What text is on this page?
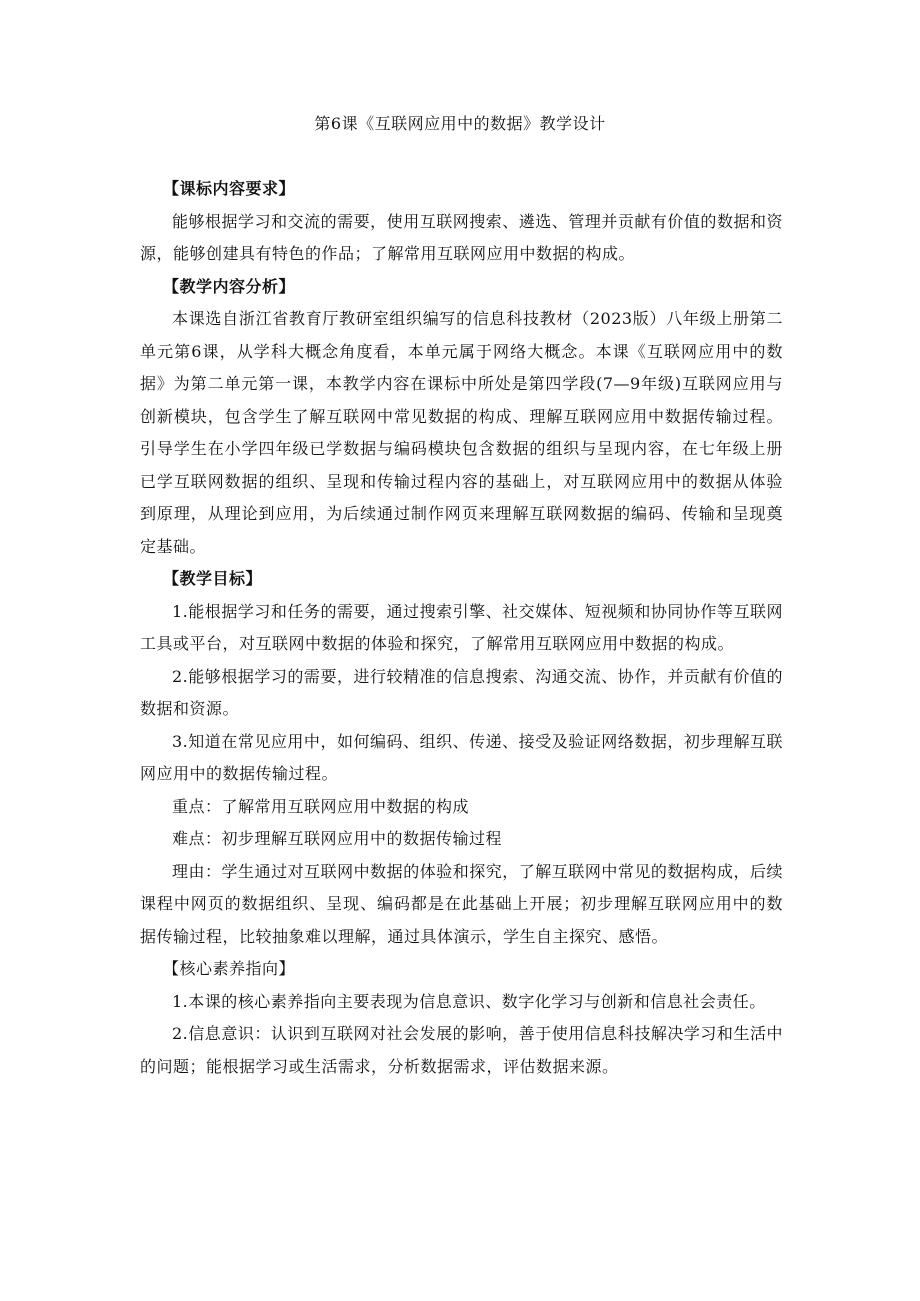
第6课《互联网应用中的数据》教学设计
【课标内容要求】

能够根据学习和交流的需要，使用互联网搜索、遴选、管理并贡献有价值的数据和资源，能够创建具有特色的作品；了解常用互联网应用中数据的构成。

【教学内容分析】

本课选自浙江省教育厅教研室组织编写的信息科技教材（2023版）八年级上册第二单元第6课，从学科大概念角度看，本单元属于网络大概念。本课《互联网应用中的数据》为第二单元第一课，本教学内容在课标中所处是第四学段(7—9年级)互联网应用与创新模块，包含学生了解互联网中常见数据的构成、理解互联网应用中数据传输过程。引导学生在小学四年级已学数据与编码模块包含数据的组织与呈现内容，在七年级上册已学互联网数据的组织、呈现和传输过程内容的基础上，对互联网应用中的数据从体验到原理，从理论到应用，为后续通过制作网页来理解互联网数据的编码、传输和呈现奠定基础。

【教学目标】

1.能根据学习和任务的需要，通过搜索引擎、社交媒体、短视频和协同协作等互联网工具或平台，对互联网中数据的体验和探究，了解常用互联网应用中数据的构成。

2.能够根据学习的需要，进行较精准的信息搜索、沟通交流、协作，并贡献有价值的数据和资源。

3.知道在常见应用中，如何编码、组织、传递、接受及验证网络数据，初步理解互联网应用中的数据传输过程。

重点：了解常用互联网应用中数据的构成

难点：初步理解互联网应用中的数据传输过程

理由：学生通过对互联网中数据的体验和探究，了解互联网中常见的数据构成，后续课程中网页的数据组织、呈现、编码都是在此基础上开展；初步理解互联网应用中的数据传输过程，比较抽象难以理解，通过具体演示，学生自主探究、感悟。

【核心素养指向】

1.本课的核心素养指向主要表现为信息意识、数字化学习与创新和信息社会责任。

2.信息意识：认识到互联网对社会发展的影响，善于使用信息科技解决学习和生活中的问题；能根据学习或生活需求，分析数据需求，评估数据来源。
